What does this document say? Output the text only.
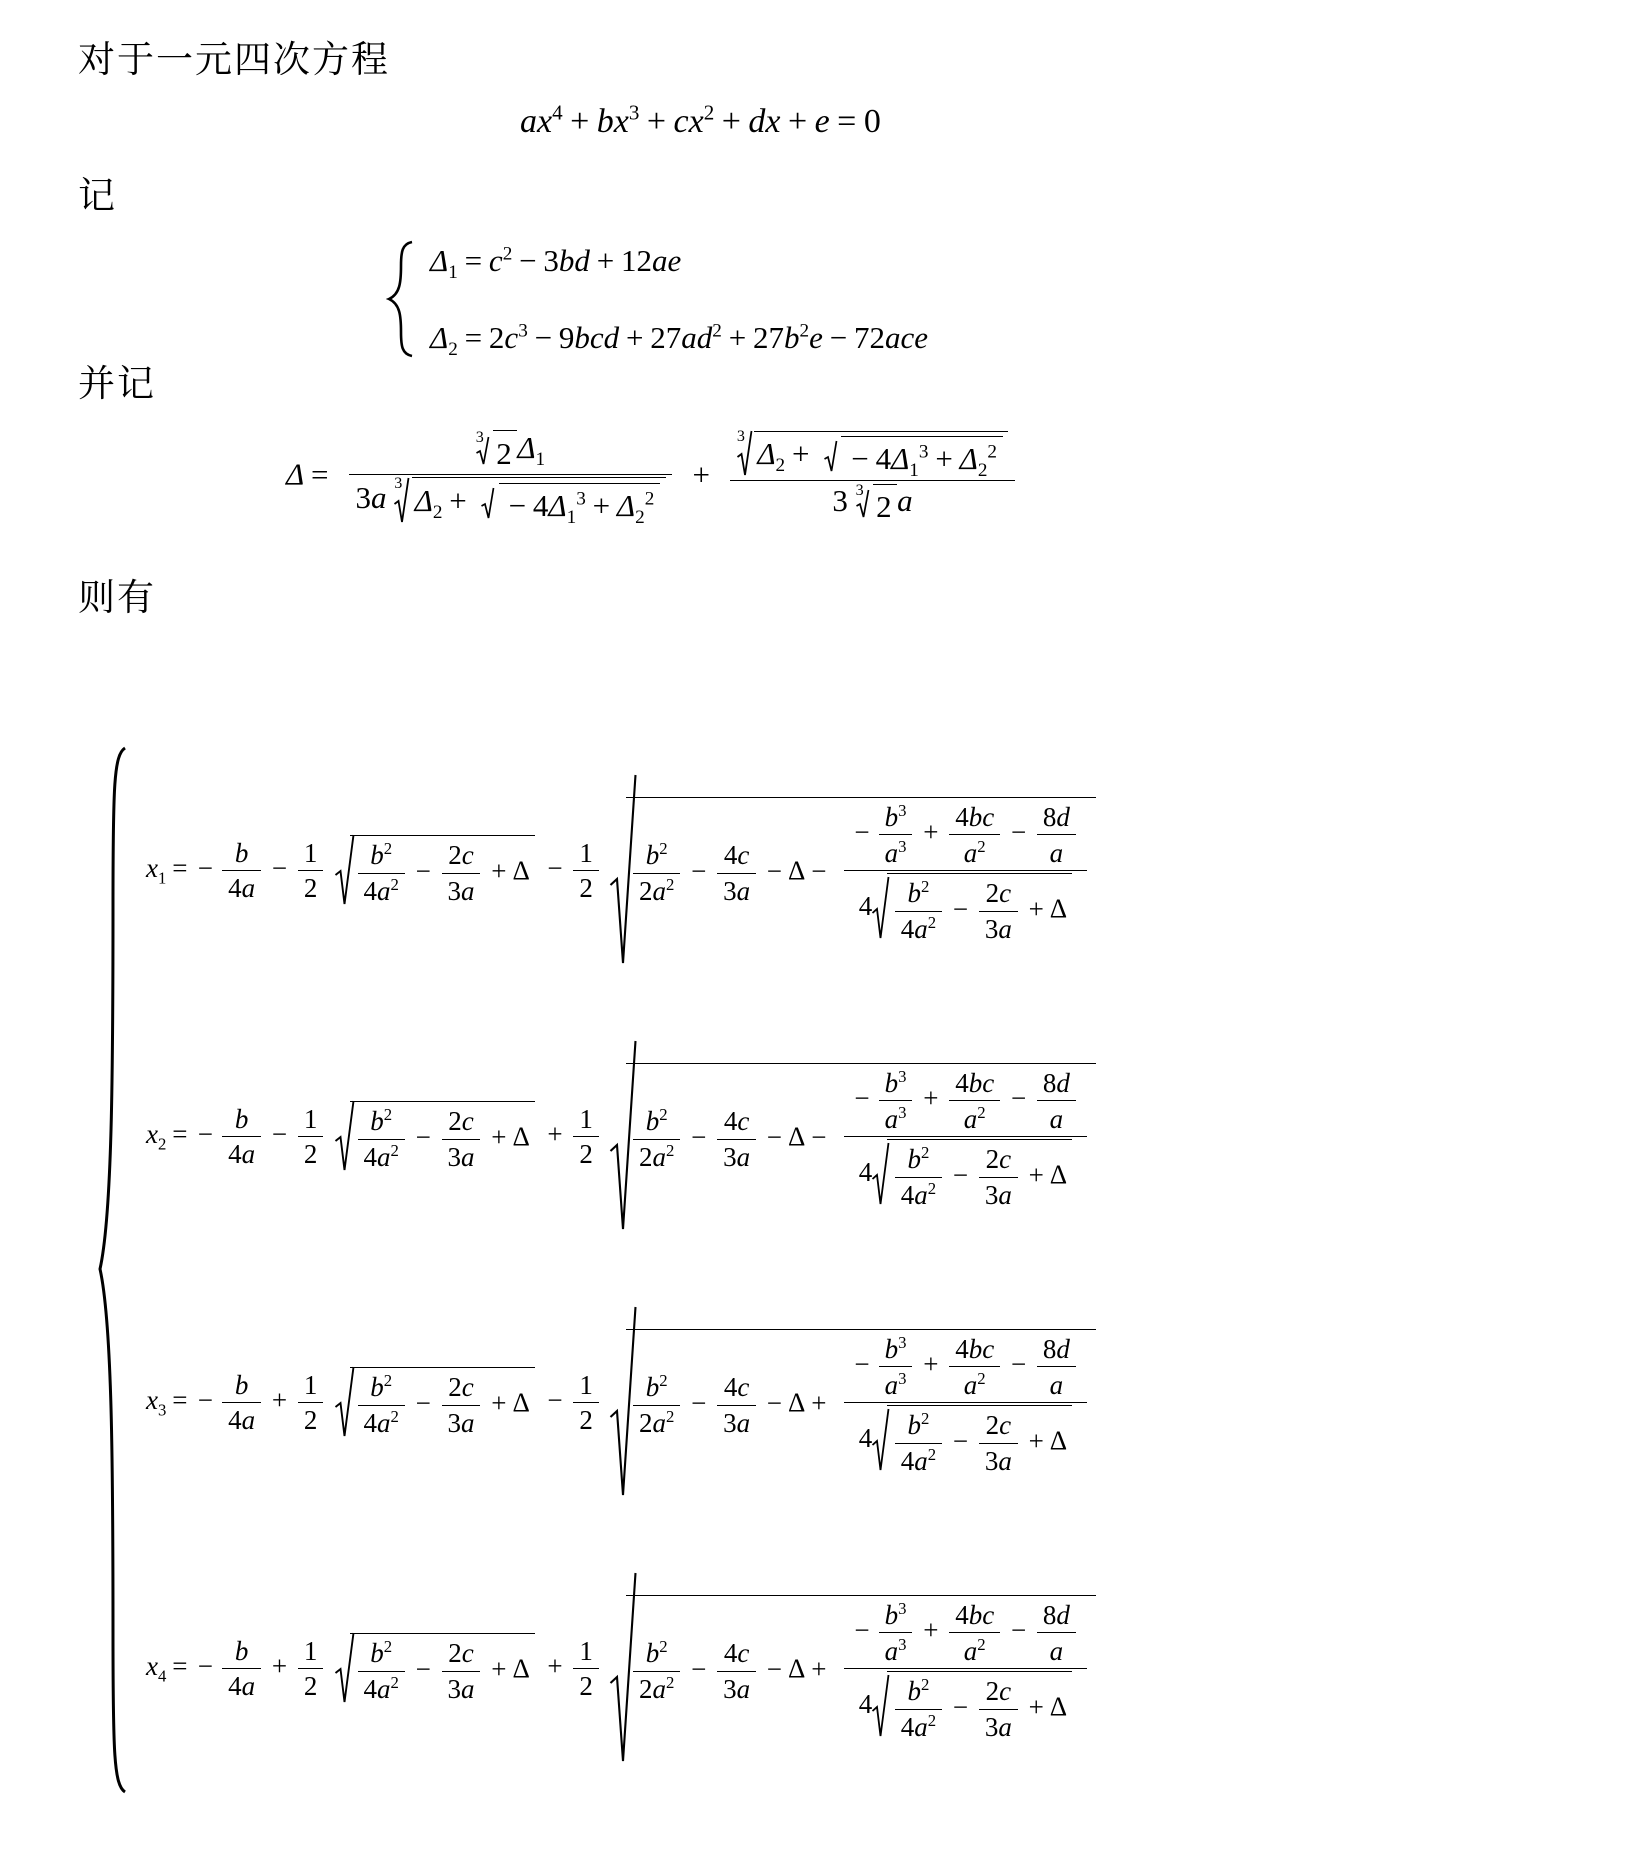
对于一元四次方程
$ax^4 + bx^3 + cx^2$ + dx + e = 0
记
$\Delta_1 = c^2 - 3bd + 12ae$
$\Delta_2 = 2c^3 - 9bcd + 27ad^2 + 27b^2e - 72ace$
并记
Δ =
3 2 $\Delta_1$
3a 3 $\Delta_2$ + − $4\Delta_1^3 + \Delta_2^2$
+
3 $\Delta_2$ + − $4\Delta_1^3 + \Delta_2^2$
3 3 2 a
则有
$x_1$ = − $\frac{b}{4a} - \frac{1}{2}$
$\frac{b^2}{4a^2} - \frac{2c}{3a} + \Delta - \frac{1}{2}$
$\frac{b^2}{2a^2} - \frac{4c}{3a} - \Delta$ −
− $\frac{b^3}{a^3} + \frac{4bc}{a^2} - \frac{8d}{a}$
$4 \frac{b^2}{4a^2} - \frac{2c}{3a} + \Delta$
$x_2$ = − $\frac{b}{4a} - \frac{1}{2}$
$\frac{b^2}{4a^2} - \frac{2c}{3a} + \Delta + \frac{1}{2}$
$\frac{b^2}{2a^2} - \frac{4c}{3a} - \Delta$ −
− $\frac{b^3}{a^3} + \frac{4bc}{a^2} - \frac{8d}{a}$
$4 \frac{b^2}{4a^2} - \frac{2c}{3a} + \Delta$
$x_3$ = − $\frac{b}{4a} + \frac{1}{2}$
$\frac{b^2}{4a^2} - \frac{2c}{3a} + \Delta - \frac{1}{2}$
$\frac{b^2}{2a^2} - \frac{4c}{3a} - \Delta$ +
− $\frac{b^3}{a^3} + \frac{4bc}{a^2} - \frac{8d}{a}$
$4 \frac{b^2}{4a^2} - \frac{2c}{3a} + \Delta$
$x_4$ = − $\frac{b}{4a} + \frac{1}{2}$
$\frac{b^2}{4a^2} - \frac{2c}{3a} + \Delta + \frac{1}{2}$
$\frac{b^2}{2a^2} - \frac{4c}{3a} - \Delta$ +
− $\frac{b^3}{a^3} + \frac{4bc}{a^2} - \frac{8d}{a}$
$4 \frac{b^2}{4a^2} - \frac{2c}{3a} + \Delta$
